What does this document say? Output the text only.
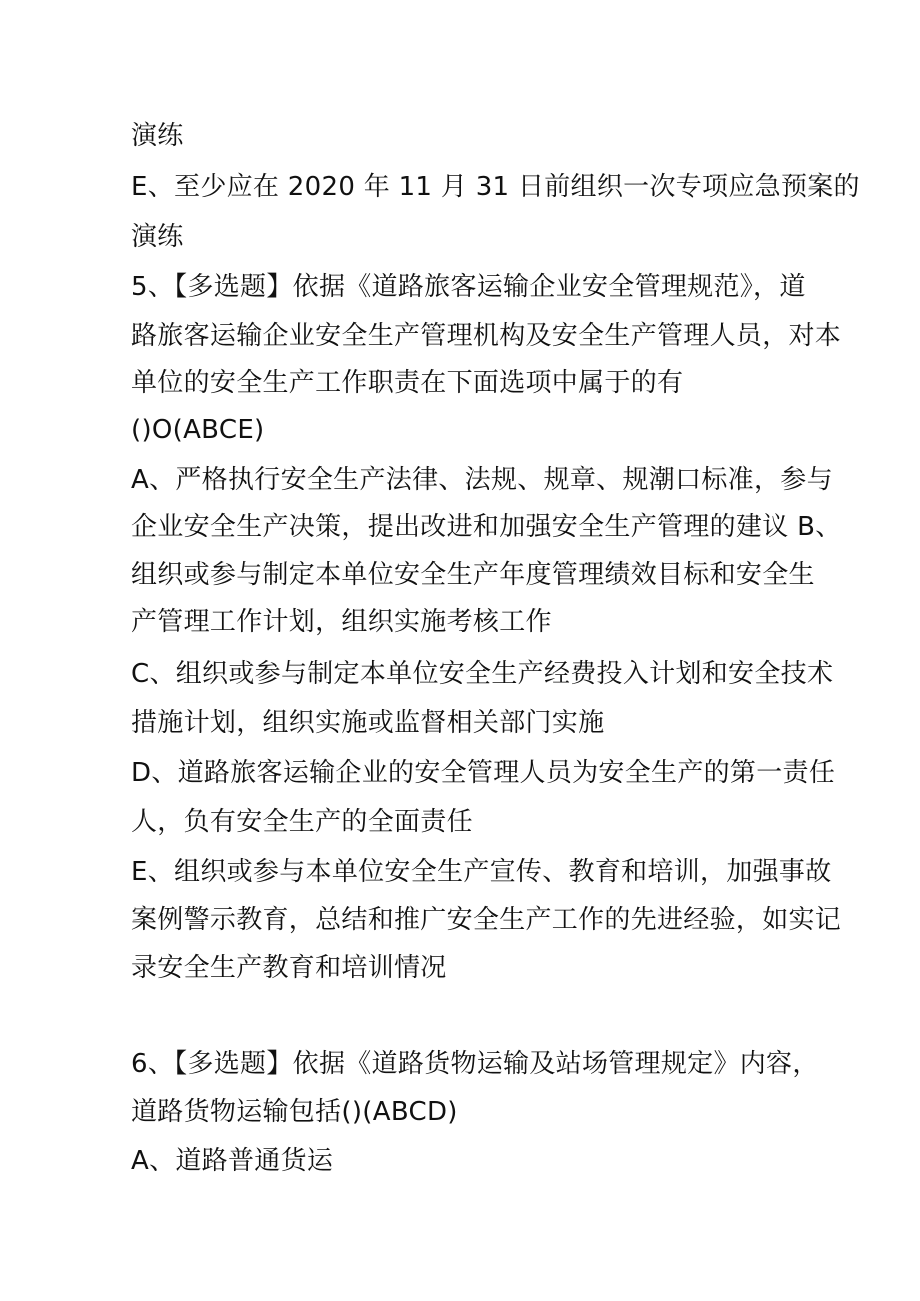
演练
E、至少应在 2020 年 11 月 31 日前组织一次专项应急预案的
演练
5、【多选题】依据《道路旅客运输企业安全管理规范》，道
路旅客运输企业安全生产管理机构及安全生产管理人员，对本
单位的安全生产工作职责在下面选项中属于的有
()O(ABCE)
A、严格执行安全生产法律、法规、规章、规潮口标准，参与
企业安全生产决策，提出改进和加强安全生产管理的建议 B、
组织或参与制定本单位安全生产年度管理绩效目标和安全生
产管理工作计划，组织实施考核工作
C、组织或参与制定本单位安全生产经费投入计划和安全技术
措施计划，组织实施或监督相关部门实施
D、道路旅客运输企业的安全管理人员为安全生产的第一责任
人，负有安全生产的全面责任
E、组织或参与本单位安全生产宣传、教育和培训，加强事故
案例警示教育，总结和推广安全生产工作的先进经验，如实记
录安全生产教育和培训情况
6、【多选题】依据《道路货物运输及站场管理规定》内容，
道路货物运输包括()(ABCD)
A、道路普通货运
